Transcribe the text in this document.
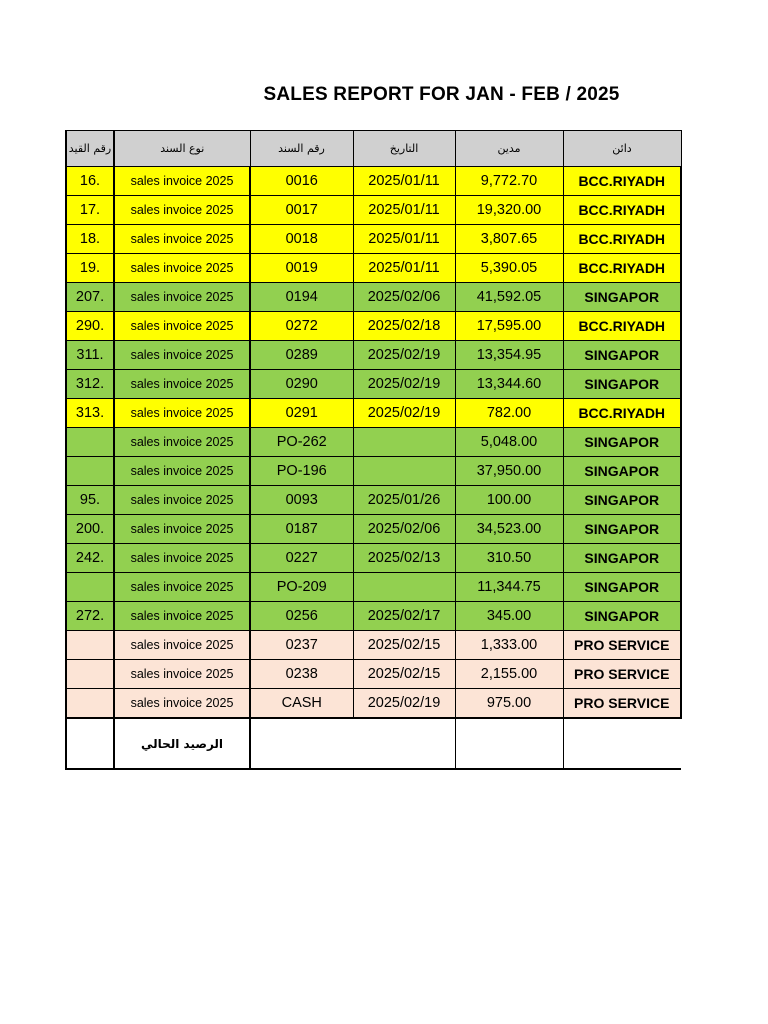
SALES REPORT FOR JAN - FEB / 2025
رقم القيد	نوع السند	رقم السند	التاريخ	مدين	دائن
16.	sales invoice 2025	0016	2025/01/11	9,772.70	BCC.RIYADH
17.	sales invoice 2025	0017	2025/01/11	19,320.00	BCC.RIYADH
18.	sales invoice 2025	0018	2025/01/11	3,807.65	BCC.RIYADH
19.	sales invoice 2025	0019	2025/01/11	5,390.05	BCC.RIYADH
207.	sales invoice 2025	0194	2025/02/06	41,592.05	SINGAPOR
290.	sales invoice 2025	0272	2025/02/18	17,595.00	BCC.RIYADH
311.	sales invoice 2025	0289	2025/02/19	13,354.95	SINGAPOR
312.	sales invoice 2025	0290	2025/02/19	13,344.60	SINGAPOR
313.	sales invoice 2025	0291	2025/02/19	782.00	BCC.RIYADH
	sales invoice 2025	PO-262		5,048.00	SINGAPOR
	sales invoice 2025	PO-196		37,950.00	SINGAPOR
95.	sales invoice 2025	0093	2025/01/26	100.00	SINGAPOR
200.	sales invoice 2025	0187	2025/02/06	34,523.00	SINGAPOR
242.	sales invoice 2025	0227	2025/02/13	310.50	SINGAPOR
	sales invoice 2025	PO-209		11,344.75	SINGAPOR
272.	sales invoice 2025	0256	2025/02/17	345.00	SINGAPOR
	sales invoice 2025	0237	2025/02/15	1,333.00	PRO SERVICE
	sales invoice 2025	0238	2025/02/15	2,155.00	PRO SERVICE
	sales invoice 2025	CASH	2025/02/19	975.00	PRO SERVICE
	الرصيد الحالي				
